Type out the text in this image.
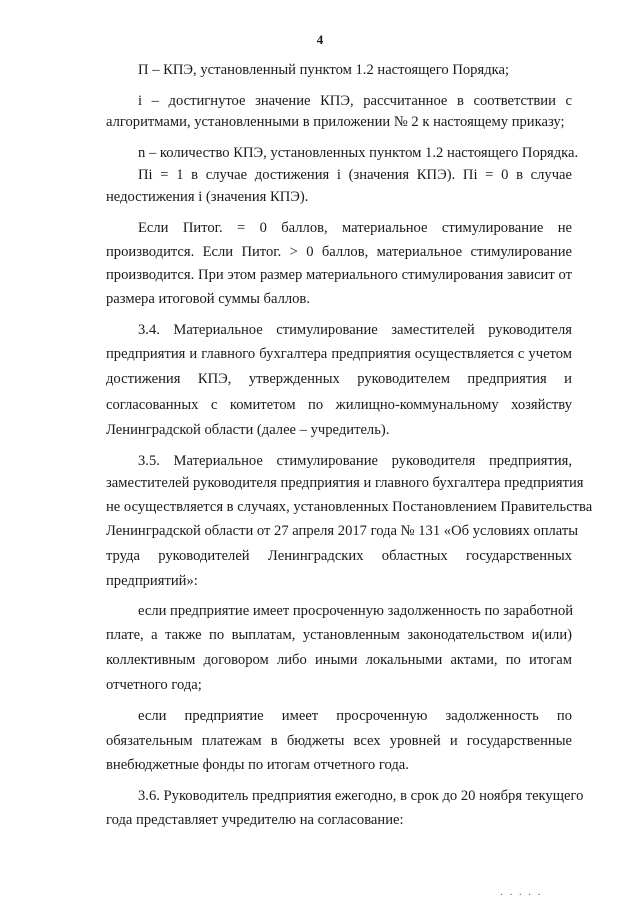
4
П – КПЭ, установленный пунктом 1.2 настоящего Порядка;
i – достигнутое значение КПЭ, рассчитанное в соответствии с
алгоритмами, установленными в приложении № 2 к настоящему приказу;
n – количество КПЭ, установленных пунктом 1.2 настоящего Порядка.
Пi = 1 в случае достижения i (значения КПЭ). Пi = 0 в случае
недостижения i (значения КПЭ).
Если Питог. = 0 баллов, материальное стимулирование не
производится. Если Питог. > 0 баллов, материальное стимулирование
производится. При этом размер материального стимулирования зависит от
размера итоговой суммы баллов.
3.4. Материальное стимулирование заместителей руководителя
предприятия и главного бухгалтера предприятия осуществляется с учетом
достижения КПЭ, утвержденных руководителем предприятия и
согласованных с комитетом по жилищно-коммунальному хозяйству
Ленинградской области (далее – учредитель).
3.5. Материальное стимулирование руководителя предприятия,
заместителей руководителя предприятия и главного бухгалтера предприятия
не осуществляется в случаях, установленных Постановлением Правительства
Ленинградской области от 27 апреля 2017 года № 131 «Об условиях оплаты
труда руководителей Ленинградских областных государственных
предприятий»:
если предприятие имеет просроченную задолженность по заработной
плате, а также по выплатам, установленным законодательством и(или)
коллективным договором либо иными локальными актами, по итогам
отчетного года;
если предприятие имеет просроченную задолженность по
обязательным платежам в бюджеты всех уровней и государственные
внебюджетные фонды по итогам отчетного года.
3.6. Руководитель предприятия ежегодно, в срок до 20 ноября текущего
года представляет учредителю на согласование:
·····
